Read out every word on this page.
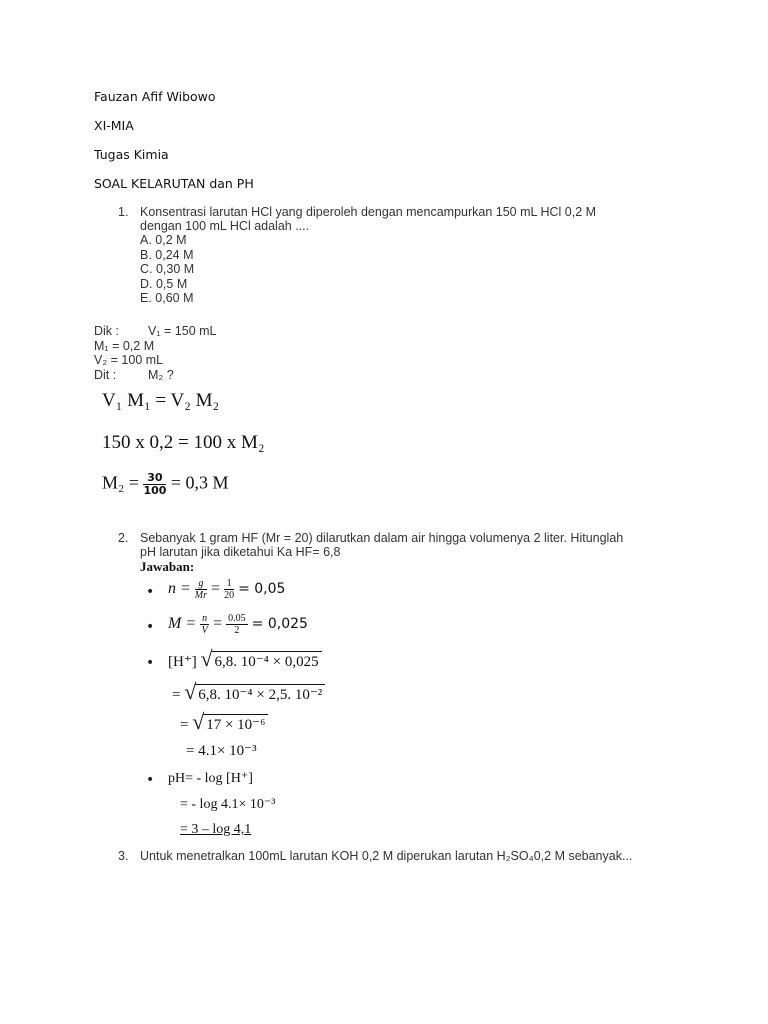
Fauzan Afif Wibowo
XI-MIA
Tugas Kimia
SOAL KELARUTAN dan PH
1. Konsentrasi larutan HCl yang diperoleh dengan mencampurkan 150 mL HCl 0,2 M
dengan 100 mL HCl adalah ....
A. 0,2 M
B. 0,24 M
C. 0,30 M
D. 0,5 M
E. 0,60 M
Dik : V₁ = 150 mL
M₁ = 0,2 M
V₂ = 100 mL
Dit :	M₂ ?
V₁ M₁ = V₂ M₂
150 x 0,2 = 100 x M₂
$M_2 = \frac{30}{100} = 0,3$ M
2. Sebanyak 1 gram HF (Mr = 20) dilarutkan dalam air hingga volumenya 2 liter. Hitunglah
pH larutan jika diketahui Ka HF= 6,8
Jawaban:
• $n = \frac{g}{Mr} = \frac{1}{20} = 0,05$
• $M = \frac{n}{V} = \frac{0.05}{2} = 0,025$
• [H⁺] √ 6,8. 10⁻⁴ × 0,025
= √ 6,8. 10⁻⁴ × 2,5. 10⁻²
= √ 17 × 10⁻⁶
= 4.1× 10⁻³
• pH= - log [H⁺]
= - log 4.1× 10⁻³
= 3 – log 4,1
3. Untuk menetralkan 100mL larutan KOH 0,2 M diperukan larutan H₂SO₄0,2 M sebanyak...
